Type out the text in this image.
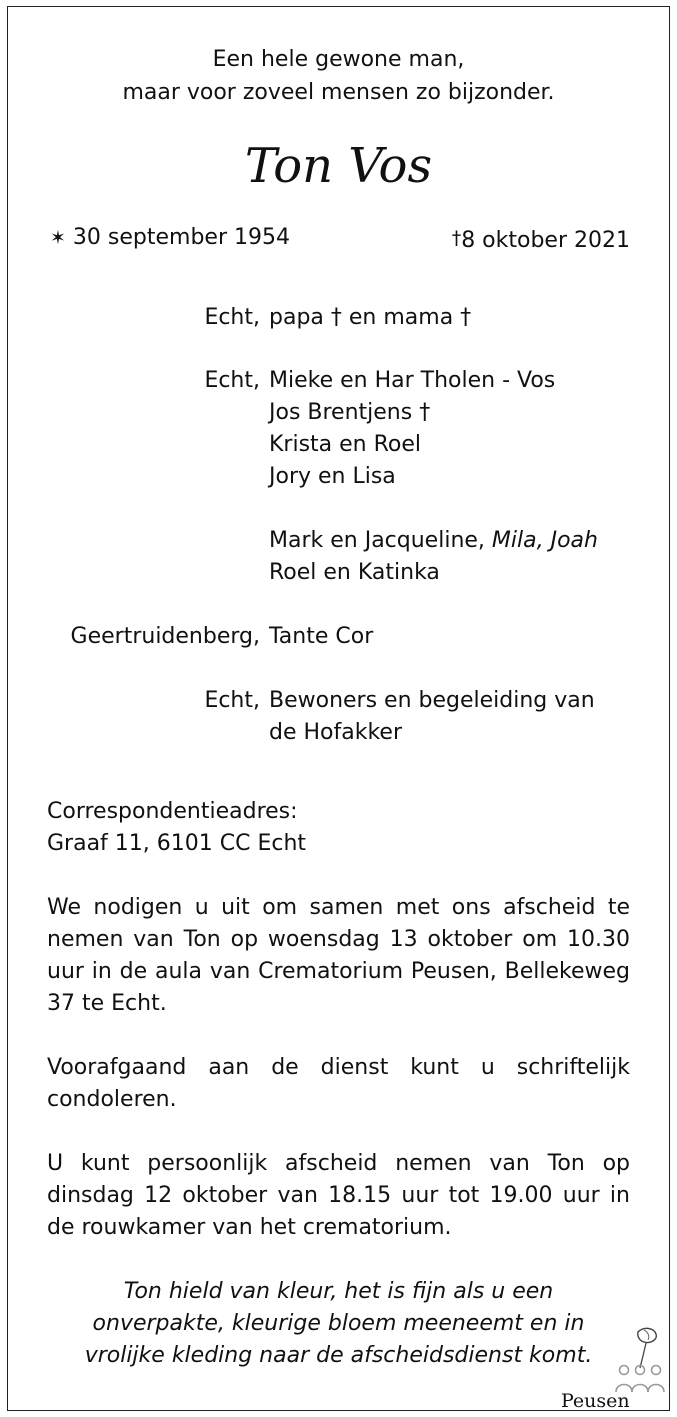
Een hele gewone man,
maar voor zoveel mensen zo bijzonder.
Ton Vos
✶ 30 september 1954	†8 oktober 2021
Echt, papa † en mama †
Echt, Mieke en Har Tholen - Vos
Jos Brentjens †
Krista en Roel
Jory en Lisa
Mark en Jacqueline, Mila, Joah
Roel en Katinka
Geertruidenberg, Tante Cor
Echt, Bewoners en begeleiding van
de Hofakker
Correspondentieadres:
Graaf 11, 6101 CC Echt
We nodigen u uit om samen met ons afscheid te nemen van Ton op woensdag 13 oktober om 10.30 uur in de aula van Crematorium Peusen, Bellekeweg 37 te Echt.
Voorafgaand aan de dienst kunt u schriftelijk condoleren.
U kunt persoonlijk afscheid nemen van Ton op dinsdag 12 oktober van 18.15 uur tot 19.00 uur in de rouwkamer van het crematorium.
Ton hield van kleur, het is fijn als u een
onverpakte, kleurige bloem meeneemt en in
vrolijke kleding naar de afscheidsdienst komt.
Peusen
